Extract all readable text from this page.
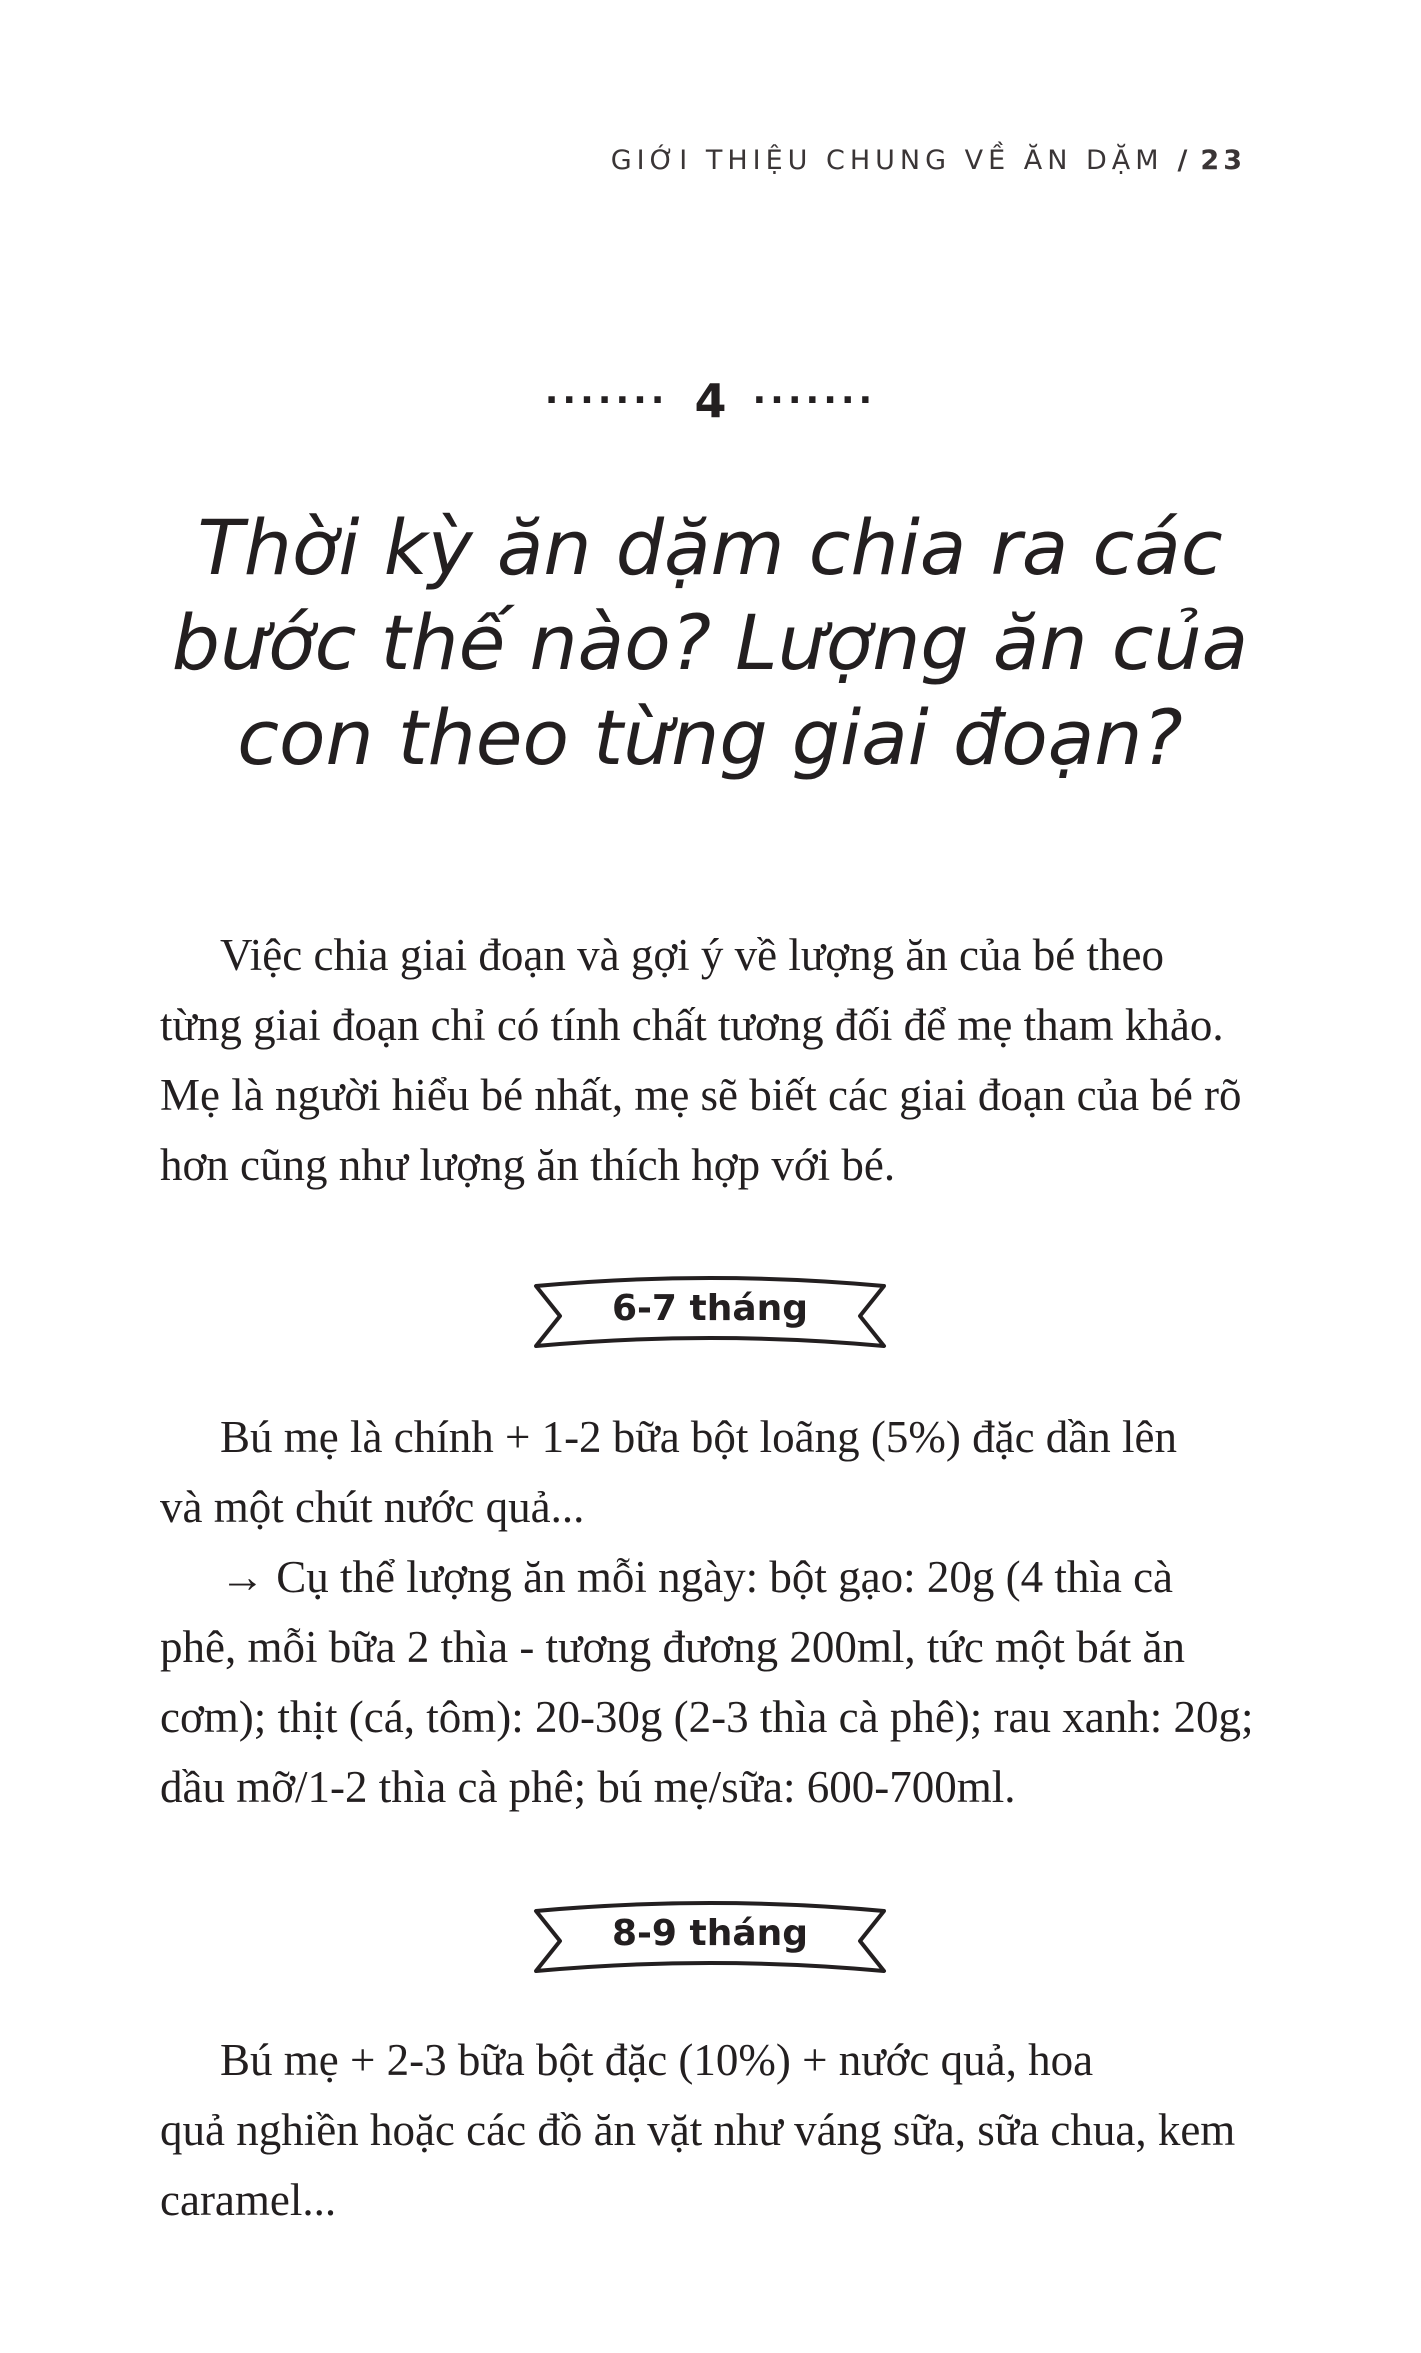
GIỚI THIỆU CHUNG VỀ ĂN DẶM / 23
······· 4 ·······
Thời kỳ ăn dặm chia ra các
bước thế nào? Lượng ăn của
con theo từng giai đoạn?

Việc chia giai đoạn và gợi ý về lượng ăn của bé theo
từng giai đoạn chỉ có tính chất tương đối để mẹ tham khảo.
Mẹ là người hiểu bé nhất, mẹ sẽ biết các giai đoạn của bé rõ
hơn cũng như lượng ăn thích hợp với bé.

6-7 tháng

Bú mẹ là chính + 1-2 bữa bột loãng (5%) đặc dần lên
và một chút nước quả...
→ Cụ thể lượng ăn mỗi ngày: bột gạo: 20g (4 thìa cà
phê, mỗi bữa 2 thìa - tương đương 200ml, tức một bát ăn
cơm); thịt (cá, tôm): 20-30g (2-3 thìa cà phê); rau xanh: 20g;
dầu mỡ/1-2 thìa cà phê; bú mẹ/sữa: 600-700ml.

8-9 tháng

Bú mẹ + 2-3 bữa bột đặc (10%) + nước quả, hoa
quả nghiền hoặc các đồ ăn vặt như váng sữa, sữa chua, kem
caramel...
